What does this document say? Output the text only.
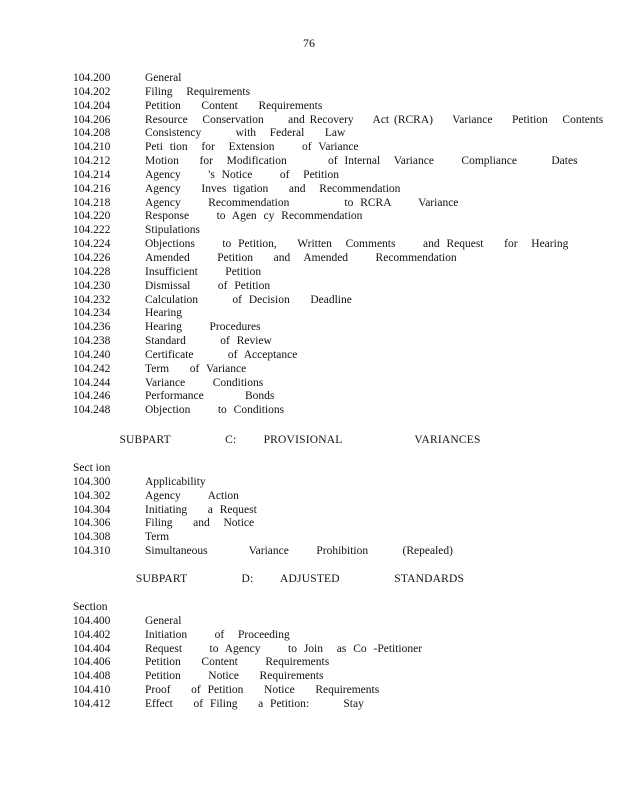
76
104.200	General
104.202	Filing  Requirements
104.204	Petition   Content   Requirements
104.206	Resource   Conservation     and Recovery    Act (RCRA)    Variance    Petition   Contents
104.208	Consistency     with  Federal   Law
104.210	Peti tion  for  Extension    of Variance
104.212	Motion   for  Modification      of Internal  Variance    Compliance     Dates
104.214	Agency    's Notice    of  Petition
104.216	Agency   Inves tigation   and  Recommendation
104.218	Agency    Recommendation        to RCRA    Variance
104.220	Response    to Agen cy Recommendation
104.222	Stipulations
104.224	Objections    to Petition,   Written  Comments    and Request   for  Hearing
104.226	Amended    Petition   and  Amended    Recommendation
104.228	Insufficient    Petition
104.230	Dismissal    of Petition
104.232	Calculation     of Decision   Deadline
104.234	Hearing
104.236	Hearing    Procedures
104.238	Standard     of Review
104.240	Certificate     of Acceptance
104.242	Term   of Variance
104.244	Variance    Conditions
104.246	Performance      Bonds
104.248	Objection    to Conditions
SUBPART      C:   PROVISIONAL        VARIANCES
Sect ion
104.300	Applicability
104.302	Agency    Action
104.304	Initiating   a Request
104.306	Filing   and  Notice
104.308	Term
104.310	Simultaneous      Variance    Prohibition     (Repealed)
SUBPART      D:   ADJUSTED      STANDARDS
Section
104.400	General
104.402	Initiation    of  Proceeding
104.404	Request    to Agency    to Join  as Co -Petitioner
104.406	Petition   Content    Requirements
104.408	Petition    Notice   Requirements
104.410	Proof   of Petition   Notice   Requirements
104.412	Effect   of Filing   a Petition:     Stay
